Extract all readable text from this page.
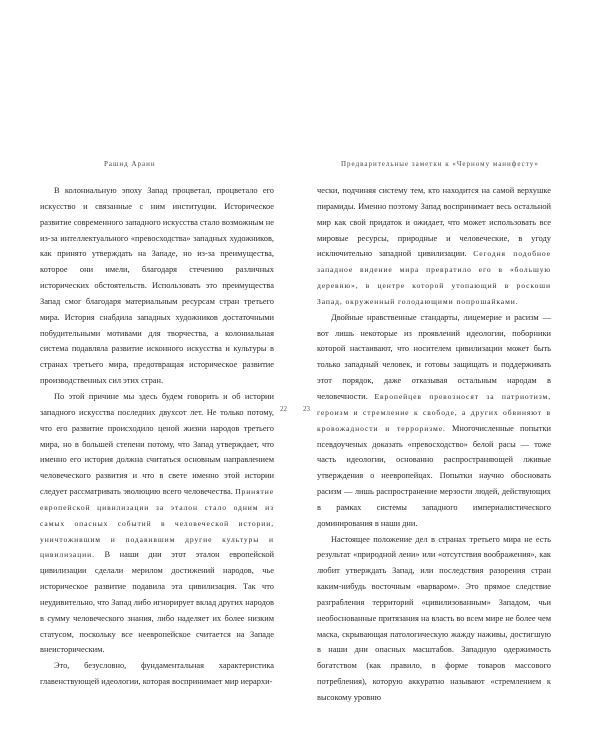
Рашид Араин	Предварительные заметки к «Черному манифесту»

В колониальную эпоху Запад процветал, процветало его искусство и связанные с ним институции. Историческое развитие современного западного искусства стало возможным не из-за интеллектуального «превосходства» западных художников, как принято утверждать на Западе, но из-за преимущества, которое они имели, благодаря стечению различных исторических обстоятельств. Использовать это преимущества Запад смог благодаря материальным ресурсам стран третьего мира. История снабдила западных художников достаточными побудительными мотивами для творчества, а колониальная система подавляла развитие исконного искусства и культуры в странах третьего мира, предотвращая историческое развитие производственных сил этих стран.

По этой причине мы здесь будем говорить и об истории западного искусства последних двухсот лет. Не только потому, что его развитие происходило ценой жизни народов третьего мира, но в большей степени потому, что Запад утверждает, что именно его история должна считаться основным направлением человеческого развития и что в свете именно этой истории следует рассматривать эволюцию всего человечества. Принятие европейской цивилизации за эталон стало одним из самых опасных событий в человеческой истории, уничтожившим и подавившим другие культуры и цивилизации. В наши дни этот эталон европейской цивилизации сделали мерилом достижений народов, чье историческое развитие подавила эта цивилизация. Так что неудивительно, что Запад либо игнорирует вклад других народов в сумму человеческого знания, либо наделяет их более низким статусом, поскольку все неевропейское считается на Западе внеисторическим.

Это, безусловно, фундаментальная характеристика главенствующей идеологии, которая воспринимает мир иерархи-

22 23

чески, подчиняя систему тем, кто находится на самой верхушке пирамиды. Именно поэтому Запад воспринимает весь остальной мир как свой придаток и ожидает, что может использовать все мировые ресурсы, природные и человеческие, в угоду исключительно западной цивилизации. Сегодня подобное западное видение мира превратило его в «большую деревню», в центре которой утопающий в роскоши Запад, окруженный голодающими попрошайками.

Двойные нравственные стандарты, лицемерие и расизм — вот лишь некоторые из проявлений идеологии, поборники которой настаивают, что носителем цивилизации может быть только западный человек, и готовы защищать и поддерживать этот порядок, даже отказывая остальным народам в человечности. Европейцев превозносят за патриотизм, героизм и стремление к свободе, а других обвиняют в кровожадности и терроризме. Многочисленные попытки псевдоученых доказать «превосходство» белой расы — тоже часть идеологии, основанно распространяющей лживые утверждения о неевропейцах. Попытки научно обосновать расизм — лишь распространение мерзости людей, действующих в рамках системы западного империалистического доминирования в наши дни.

Настоящее положение дел в странах третьего мира не есть результат «природной лени» или «отсутствия воображения», как любит утверждать Запад, или последствия разорения стран каким-нибудь восточным «варваром». Это прямое следствие разграбления территорий «цивилизованным» Западом, чьи необоснованные притязания на власть во всем мире не более чем маска, скрывающая патологическую жажду наживы, достигшую в наши дни опасных масштабов. Западную одержимость богатством (как правило, в форме товаров массового потребления), которую аккуратно называют «стремлением к высокому уровню
